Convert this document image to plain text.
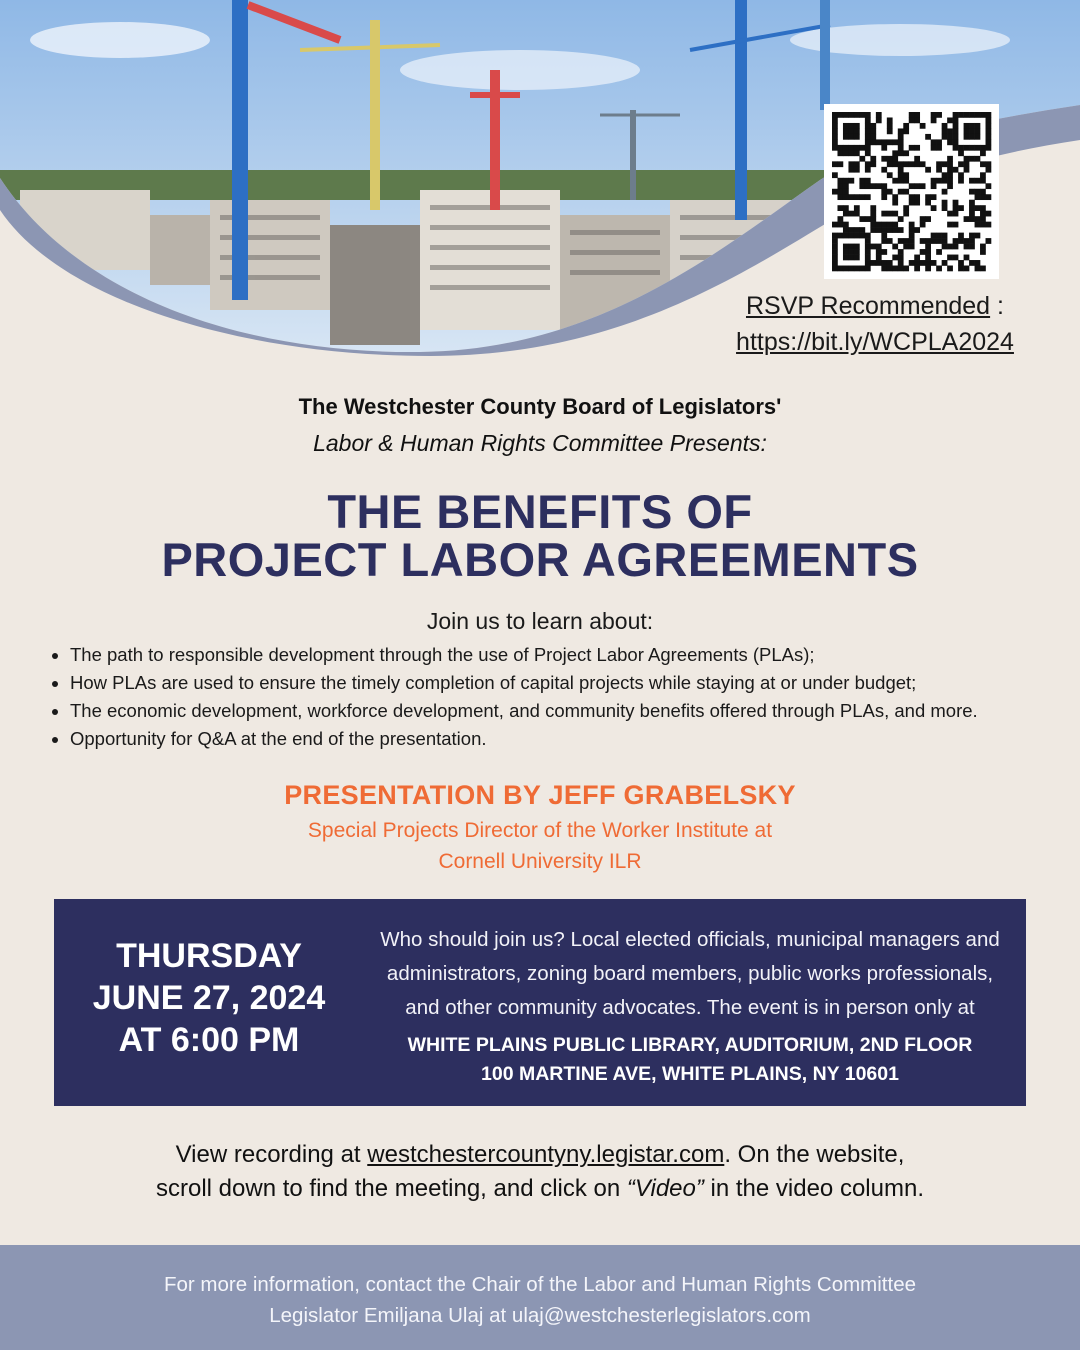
RSVP Recommended :
https://bit.ly/WCPLA2024
The Westchester County Board of Legislators'
Labor & Human Rights Committee Presents:
THE BENEFITS OF
PROJECT LABOR AGREEMENTS
Join us to learn about:
• The path to responsible development through the use of Project Labor Agreements (PLAs);
• How PLAs are used to ensure the timely completion of capital projects while staying at or under budget;
• The economic development, workforce development, and community benefits offered through PLAs, and more.
• Opportunity for Q&A at the end of the presentation.
PRESENTATION BY JEFF GRABELSKY
Special Projects Director of the Worker Institute at
Cornell University ILR
THURSDAY
JUNE 27, 2024
AT 6:00 PM
Who should join us? Local elected officials, municipal managers and
administrators, zoning board members, public works professionals,
and other community advocates. The event is in person only at
WHITE PLAINS PUBLIC LIBRARY, AUDITORIUM, 2ND FLOOR
100 MARTINE AVE, WHITE PLAINS, NY 10601
View recording at westchestercountyny.legistar.com. On the website,
scroll down to find the meeting, and click on “Video” in the video column.
For more information, contact the Chair of the Labor and Human Rights Committee
Legislator Emiljana Ulaj at ulaj@westchesterlegislators.com
